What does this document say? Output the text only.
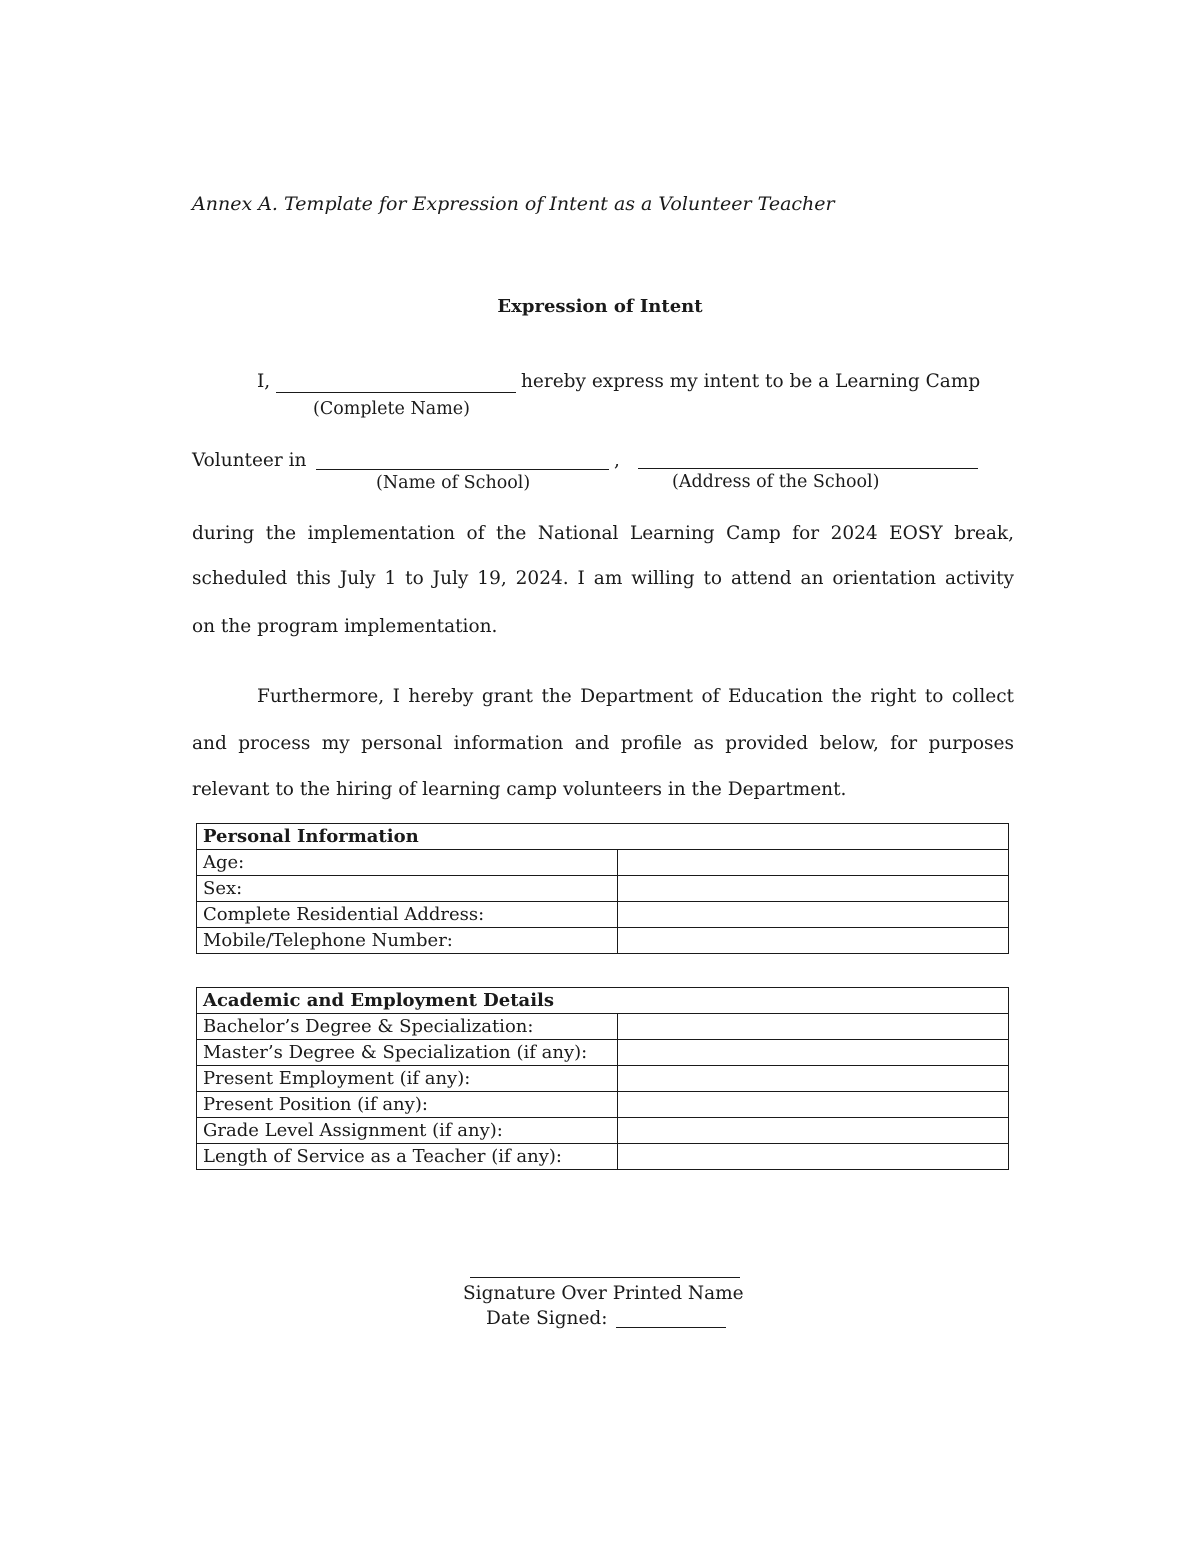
Annex A. Template for Expression of Intent as a Volunteer Teacher
Expression of Intent
I,	hereby express my intent to be a Learning Camp
(Complete Name)
Volunteer in	,
(Name of School)	(Address of the School)
during the implementation of the National Learning Camp for 2024 EOSY break,
scheduled this July 1 to July 19, 2024. I am willing to attend an orientation activity
on the program implementation.
Furthermore, I hereby grant the Department of Education the right to collect
and process my personal information and profile as provided below, for purposes
relevant to the hiring of learning camp volunteers in the Department.
Personal Information	
Age:	
Sex:	
Complete Residential Address:	
Mobile/Telephone Number:	
Academic and Employment Details	
Bachelor’s Degree & Specialization:	
Master’s Degree & Specialization (if any):	
Present Employment (if any):	
Present Position (if any):	
Grade Level Assignment (if any):	
Length of Service as a Teacher (if any):	
Signature Over Printed Name
Date Signed:
